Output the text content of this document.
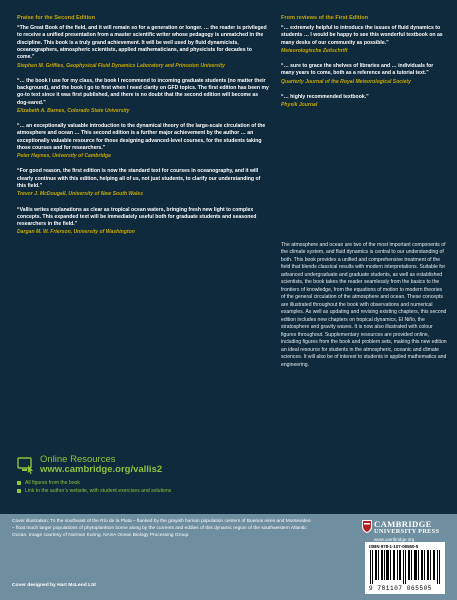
Praise for the Second Edition
“The Great Book of the field, and it will remain so for a generation or longer. … the reader is privileged to receive a unified presentation from a master scientific writer whose pedagogy is unmatched in the discipline. This book is a truly grand achievement. It will be well used by fluid dynamicists, oceanographers, atmospheric scientists, applied mathematicians, and physicists for decades to come.”
Stephen M. Griffies, Geophysical Fluid Dynamics Laboratory and Princeton University
“… the book I use for my class, the book I recommend to incoming graduate students (no matter their background), and the book I go to first when I need clarity on GFD topics. The first edition has been my go-to text since it was first published, and there is no doubt that the second edition will become as dog-eared.”
Elizabeth A. Barnes, Colorado State University
“… an exceptionally valuable introduction to the dynamical theory of the large-scale circulation of the atmosphere and ocean … This second edition is a further major achievement by the author … an exceptionally valuable resource for those designing advanced-level courses, for the students taking those courses and for researchers.”
Peter Haynes, University of Cambridge
“For good reason, the first edition is now the standard text for courses in oceanography, and it will clearly continue with this edition, helping all of us, not just students, to clarify our understanding of this field.”
Trevor J. McDougall, University of New South Wales
“Vallis writes explanations as clear as tropical ocean waters, bringing fresh new light to complex concepts. This expanded text will be immediately useful both for graduate students and seasoned researchers in the field.”
Dargan M. W. Frierson, University of Washington
From reviews of the First Edition
“… extremely helpful to introduce the issues of fluid dynamics to students … I would be happy to see this wonderful textbook on as many desks of our community as possible.”
Meteorologische Zeitschrift
“… sure to grace the shelves of libraries and … individuals for many years to come, both as a reference and a tutorial text.”
Quarterly Journal of the Royal Meteorological Society
“… highly recommended textbook.”
Physik Journal
The atmosphere and ocean are two of the most important components of the climate system, and fluid dynamics is central to our understanding of both. This book provides a unified and comprehensive treatment of the field that blends classical results with modern interpretations. Suitable for advanced undergraduate and graduate students, as well as established scientists, the book takes the reader seamlessly from the basics to the frontiers of knowledge, from the equations of motion to modern theories of the general circulation of the atmosphere and ocean. These concepts are illustrated throughout the book with observations and numerical examples. As well as updating and revising existing chapters, this second edition includes new chapters on tropical dynamics, El Niño, the stratosphere and gravity waves. It is now also illustrated with colour figures throughout. Supplementary resources are provided online, including figures from the book and problem sets, making this new edition an ideal resource for students in the atmospheric, oceanic and climate sciences. It will also be of interest to students in applied mathematics and engineering.
Online Resources
www.cambridge.org/vallis2
All figures from the book
Link to the author’s website, with student exercises and solutions
Cover illustration: To the southeast of the Río de la Plata – flanked by the grayish human population centers of Buenos Aires and Montevideo – float much larger populations of phytoplankton borne along by the currents and eddies of this dynamic region of the southwestern Atlantic Ocean. Image courtesy of Norman Kuring, NASA Ocean Biology Processing Group.
Cover designed by Hart McLeod Ltd
CAMBRIDGE
UNIVERSITY PRESS
www.cambridge.org
ISBN 978-1-107-06550-5
9 781107 065505
